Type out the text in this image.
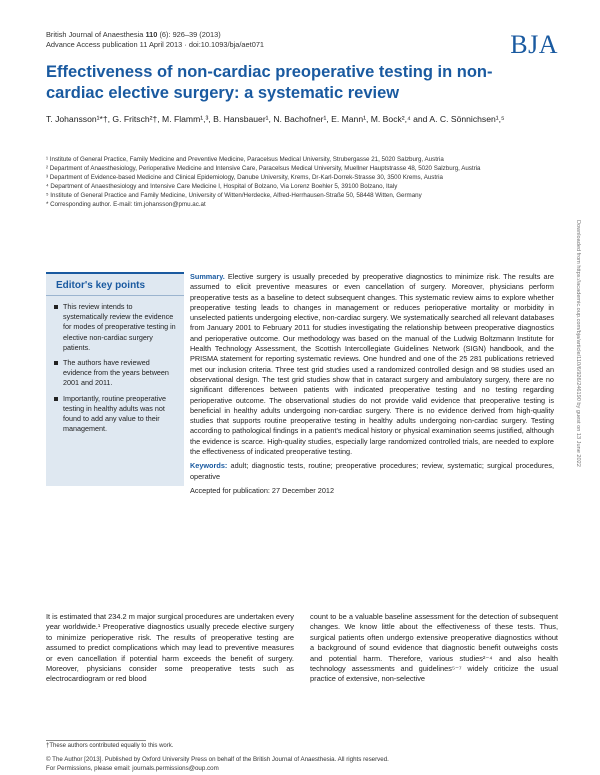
British Journal of Anaesthesia 110 (6): 926–39 (2013)
Advance Access publication 11 April 2013 · doi:10.1093/bja/aet071	BJA
Effectiveness of non-cardiac preoperative testing in non-cardiac elective surgery: a systematic review
T. Johansson¹*†, G. Fritsch²†, M. Flamm¹,³, B. Hansbauer¹, N. Bachofner¹, E. Mann¹, M. Bock²,⁴ and A. C. Sönnichsen¹,⁵
¹ Institute of General Practice, Family Medicine and Preventive Medicine, Paracelsus Medical University, Strubergasse 21, 5020 Salzburg, Austria
² Department of Anaesthesiology, Perioperative Medicine and Intensive Care, Paracelsus Medical University, Muellner Hauptstrasse 48, 5020 Salzburg, Austria
³ Department of Evidence-based Medicine and Clinical Epidemiology, Danube University, Krems, Dr-Karl-Dorrek-Strasse 30, 3500 Krems, Austria
⁴ Department of Anaesthesiology and Intensive Care Medicine I, Hospital of Bolzano, Via Lorenz Boehler 5, 39100 Bolzano, Italy
⁵ Institute of General Practice and Family Medicine, University of Witten/Herdecke, Alfred-Herrhausen-Straße 50, 58448 Witten, Germany
* Corresponding author. E-mail: tim.johansson@pmu.ac.at
Editor's key points
This review intends to systematically review the evidence for modes of preoperative testing in elective non-cardiac surgery patients.
The authors have reviewed evidence from the years between 2001 and 2011.
Importantly, routine preoperative testing in healthy adults was not found to add any value to their management.
Summary. Elective surgery is usually preceded by preoperative diagnostics to minimize risk. The results are assumed to elicit preventive measures or even cancellation of surgery. Moreover, physicians perform preoperative tests as a baseline to detect subsequent changes. This systematic review aims to explore whether preoperative testing leads to changes in management or reduces perioperative mortality or morbidity in unselected patients undergoing elective, non-cardiac surgery. We systematically searched all relevant databases from January 2001 to February 2011 for studies investigating the relationship between preoperative diagnostics and perioperative outcome. Our methodology was based on the manual of the Ludwig Boltzmann Institute for Health Technology Assessment, the Scottish Intercollegiate Guidelines Network (SIGN) handbook, and the PRISMA statement for reporting systematic reviews. One hundred and one of the 25 281 publications retrieved met our inclusion criteria. Three test grid studies used a randomized controlled design and 98 studies used an observational design. The test grid studies show that in cataract surgery and ambulatory surgery, there are no significant differences between patients with indicated preoperative testing and no testing regarding perioperative outcome. The observational studies do not provide valid evidence that preoperative testing is beneficial in healthy adults undergoing non-cardiac surgery. There is no evidence derived from high-quality studies that supports routine preoperative testing in healthy adults undergoing non-cardiac surgery. Testing according to pathological findings in a patient's medical history or physical examination seems justified, although the evidence is scarce. High-quality studies, especially large randomized controlled trials, are needed to explore the effectiveness of indicated preoperative testing.
Keywords: adult; diagnostic tests, routine; preoperative procedures; review, systematic; surgical procedures, operative
Accepted for publication: 27 December 2012
Downloaded from https://academic.oup.com/bja/article/110/6/926/246190 by guest on 13 June 2022
It is estimated that 234.2 m major surgical procedures are undertaken every year worldwide.¹ Preoperative diagnostics usually precede elective surgery to minimize perioperative risk. The results of preoperative testing are assumed to predict complications which may lead to preventive measures or even cancellation if potential harm exceeds the benefit of surgery. Moreover, physicians consider some preoperative tests such as electrocardiogram or red blood
count to be a valuable baseline assessment for the detection of subsequent changes. We know little about the effectiveness of these tests. Thus, surgical patients often undergo extensive preoperative diagnostics without a background of sound evidence that diagnostic benefit outweighs costs and potential harm. Therefore, various studies²⁻⁴ and also health technology assessments and guidelines⁵⁻⁷ widely criticize the usual practice of extensive, non-selective
†These authors contributed equally to this work.
© The Author [2013]. Published by Oxford University Press on behalf of the British Journal of Anaesthesia. All rights reserved.
For Permissions, please email: journals.permissions@oup.com
